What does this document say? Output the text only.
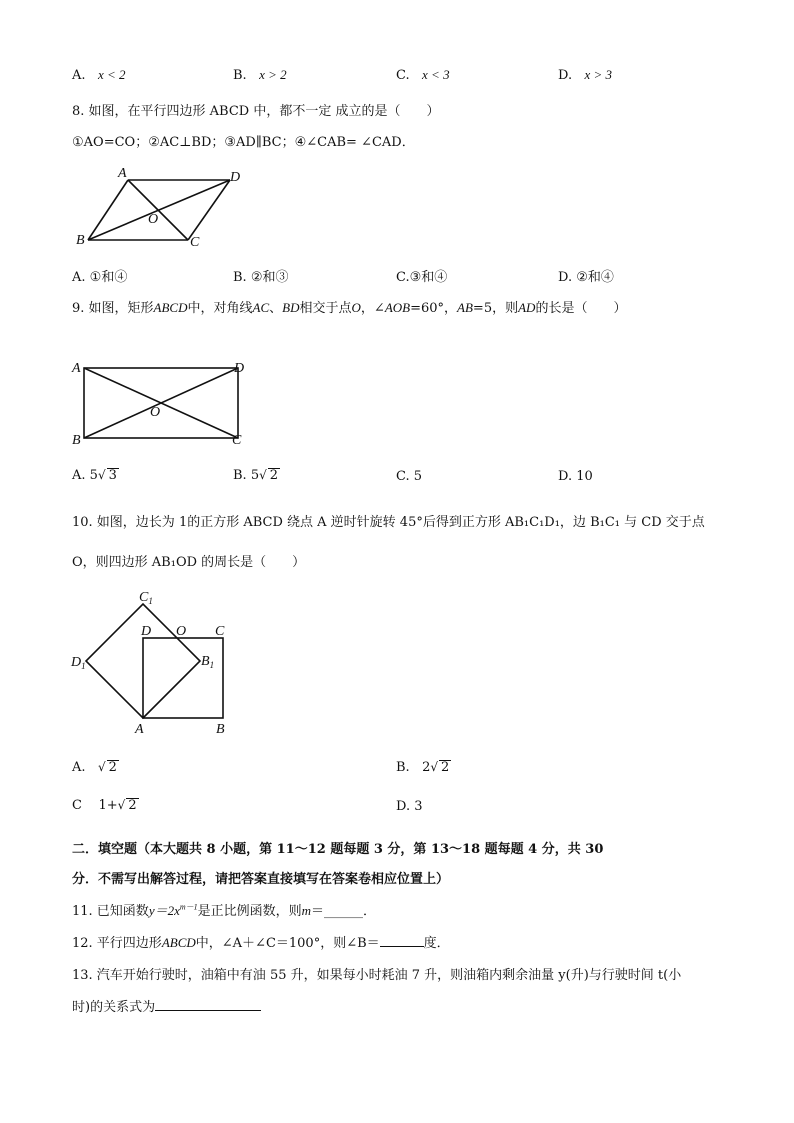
A. x < 2	B. x > 2	C. x < 3	D. x > 3
8. 如图，在平行四边形 ABCD 中，都不一定 成立的是（　　）
①AO=CO；②AC⊥BD；③AD∥BC；④∠CAB= ∠CAD．
A	D
O
B	C
A. ①和④	B. ②和③	C.③和④	D. ②和④
9. 如图，矩形ABCD中，对角线AC、BD相交于点O，∠AOB=60°，AB=5，则AD的长是（　　）
A	D
O
B	C
A. 5√ 3	B. 5√ 2	C. 5	D. 10
10. 如图，边长为 1的正方形 ABCD 绕点 A 逆时针旋转 45°后得到正方形 AB₁C₁D₁，边 B₁C₁ 与 CD 交于点
O，则四边形 AB₁OD 的周长是（　　）
$C_1$
D O C
$D_1$	$B_1$
A	B
A. √ 2	B. 2√ 2
C 1+√ 2	D. 3
二．填空题（本大题共 8 小题，第 11～12 题每题 3 分，第 13～18 题每题 4 分，共 30
分．不需写出解答过程，请把答案直接填写在答案卷相应位置上）
11. 已知函数$y=2x^{m-1}$是正比例函数，则m＝______．
12. 平行四边形ABCD中，∠A＋∠C＝100°，则∠B＝	度．
13. 汽车开始行驶时，油箱中有油 55 升，如果每小时耗油 7 升，则油箱内剩余油量 y(升)与行驶时间 t(小
时)的关系式为
